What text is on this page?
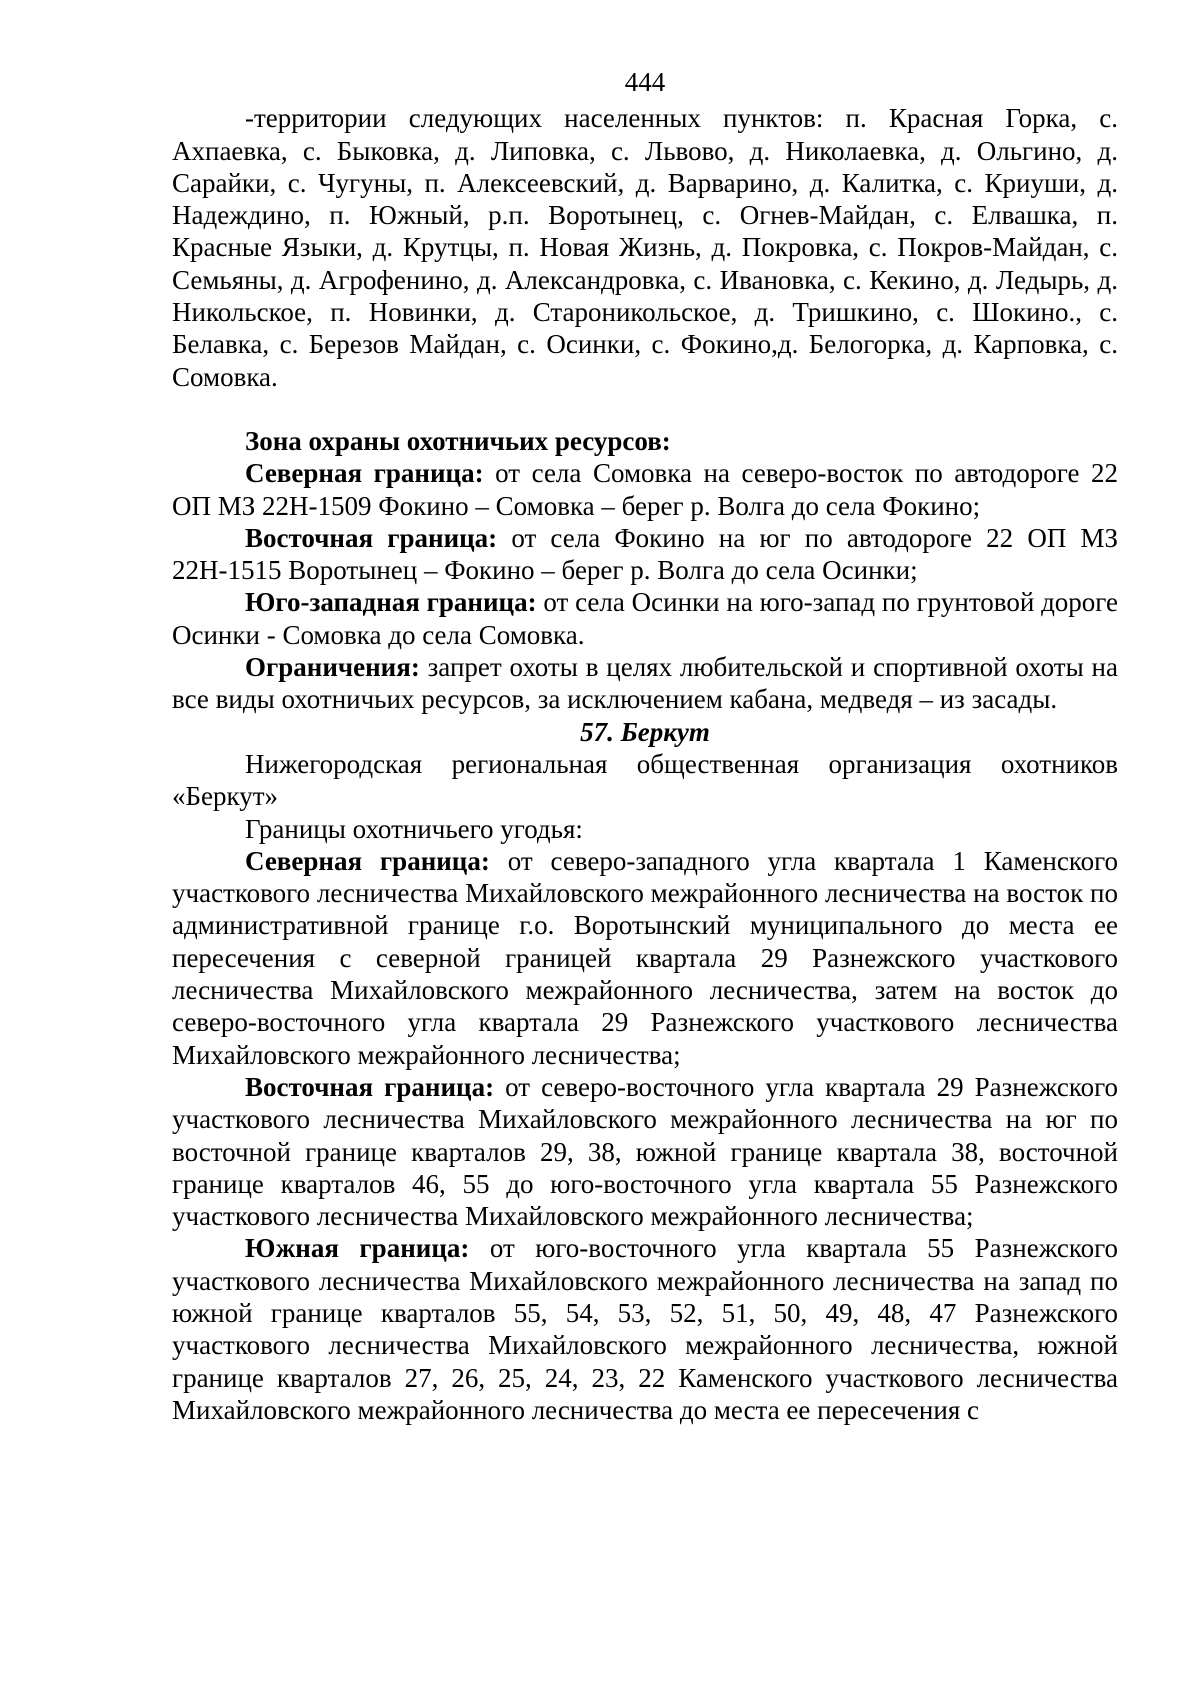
444

-территории следующих населенных пунктов: п. Красная Горка, с. Ахпаевка, с. Быковка, д. Липовка, с. Львово, д. Николаевка, д. Ольгино, д. Сарайки, с. Чугуны, п. Алексеевский, д. Варварино, д. Калитка, с. Криуши, д. Надеждино, п. Южный, р.п. Воротынец, с. Огнев-Майдан, с. Елвашка, п. Красные Языки, д. Крутцы, п. Новая Жизнь, д. Покровка, с. Покров-Майдан, с. Семьяны, д. Агрофенино, д. Александровка, с. Ивановка, с. Кекино, д. Ледырь, д. Никольское, п. Новинки, д. Староникольское, д. Тришкино, с. Шокино., с. Белавка, с. Березов Майдан, с. Осинки, с. Фокино,д. Белогорка, д. Карповка, с. Сомовка.

Зона охраны охотничьих ресурсов:

Северная граница: от села Сомовка на северо-восток по автодороге 22 ОП МЗ 22Н-1509 Фокино – Сомовка – берег р. Волга до села Фокино;

Восточная граница: от села Фокино на юг по автодороге 22 ОП МЗ 22Н-1515 Воротынец – Фокино – берег р. Волга до села Осинки;

Юго-западная граница: от села Осинки на юго-запад по грунтовой дороге Осинки - Сомовка до села Сомовка.

Ограничения: запрет охоты в целях любительской и спортивной охоты на все виды охотничьих ресурсов, за исключением кабана, медведя – из засады.

57. Беркут

Нижегородская региональная общественная организация охотников «Беркут»

Границы охотничьего угодья:

Северная граница: от северо-западного угла квартала 1 Каменского участкового лесничества Михайловского межрайонного лесничества на восток по административной границе г.о. Воротынский муниципального до места ее пересечения с северной границей квартала 29 Разнежского участкового лесничества Михайловского межрайонного лесничества, затем на восток до северо-восточного угла квартала 29 Разнежского участкового лесничества Михайловского межрайонного лесничества;

Восточная граница: от северо-восточного угла квартала 29 Разнежского участкового лесничества Михайловского межрайонного лесничества на юг по восточной границе кварталов 29, 38, южной границе квартала 38, восточной границе кварталов 46, 55 до юго-восточного угла квартала 55 Разнежского участкового лесничества Михайловского межрайонного лесничества;

Южная граница: от юго-восточного угла квартала 55 Разнежского участкового лесничества Михайловского межрайонного лесничества на запад по южной границе кварталов 55, 54, 53, 52, 51, 50, 49, 48, 47 Разнежского участкового лесничества Михайловского межрайонного лесничества, южной границе кварталов 27, 26, 25, 24, 23, 22 Каменского участкового лесничества Михайловского межрайонного лесничества до места ее пересечения с
